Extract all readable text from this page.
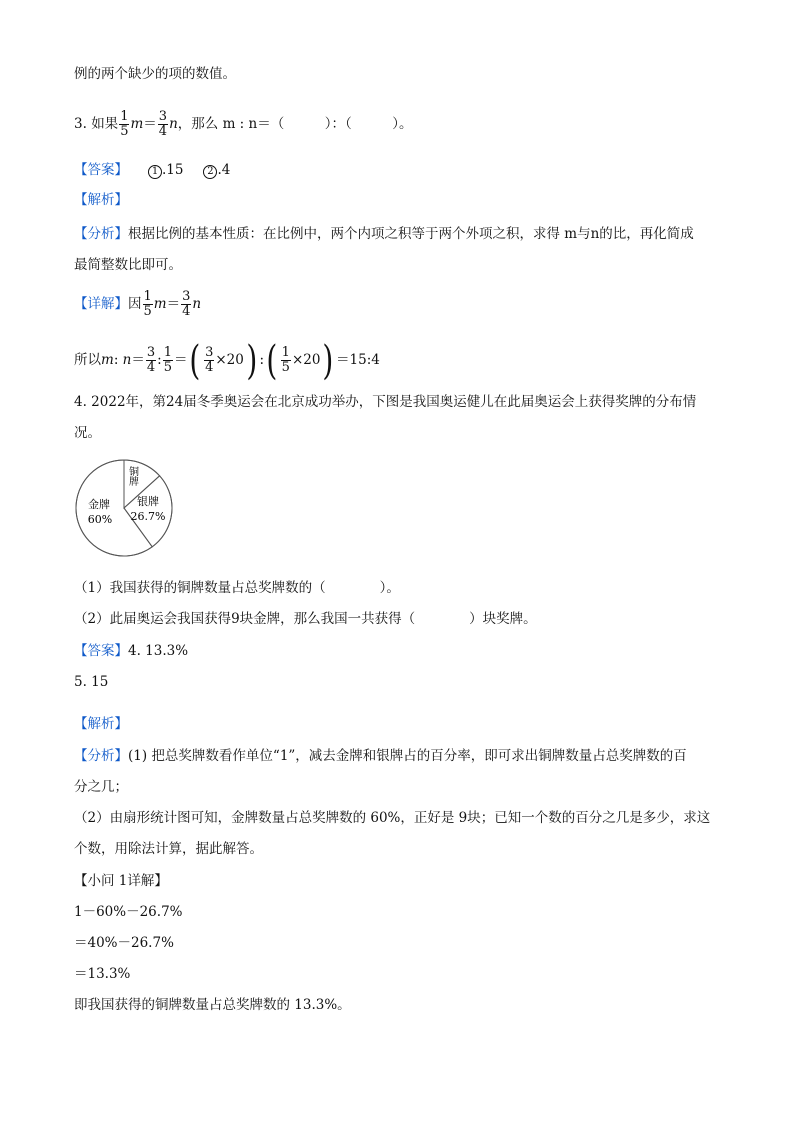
例的两个缺少的项的数值。
3. 如果 $\frac{1}{5} m= \frac{3}{4}$ n，那么 m : n＝（　　　）：（　　　）。
【答案】 1 .15 2 .4
【解析】
【分析】根据比例的基本性质：在比例中，两个内项之积等于两个外项之积，求得 m与n的比，再化简成
最简整数比即可。
【详解】因 $\frac{1}{5} m= \frac{3}{4}$ n
所以m: $n= \frac{3}{4}$ : $\frac{1}{5}$ ＝( $\frac{3}{4} \times 20$) :( $\frac{1}{5} \times 20$) ＝15:4
4. 2022年，第24届冬季奥运会在北京成功举办，下图是我国奥运健儿在此届奥运会上获得奖牌的分布情
况。
金牌
60%
银牌
26.7%
铜牌
（1）我国获得的铜牌数量占总奖牌数的（　　　　）。
（2）此届奥运会我国获得9块金牌，那么我国一共获得（　　　　）块奖牌。
【答案】4. 13.3%
5. 15
【解析】
【分析】(1) 把总奖牌数看作单位“1”，减去金牌和银牌占的百分率，即可求出铜牌数量占总奖牌数的百
分之几；
（2）由扇形统计图可知，金牌数量占总奖牌数的 60%，正好是 9块；已知一个数的百分之几是多少，求这
个数，用除法计算，据此解答。
【小问 1详解】
1－60%－26.7%
＝40%－26.7%
＝13.3%
即我国获得的铜牌数量占总奖牌数的 13.3%。
